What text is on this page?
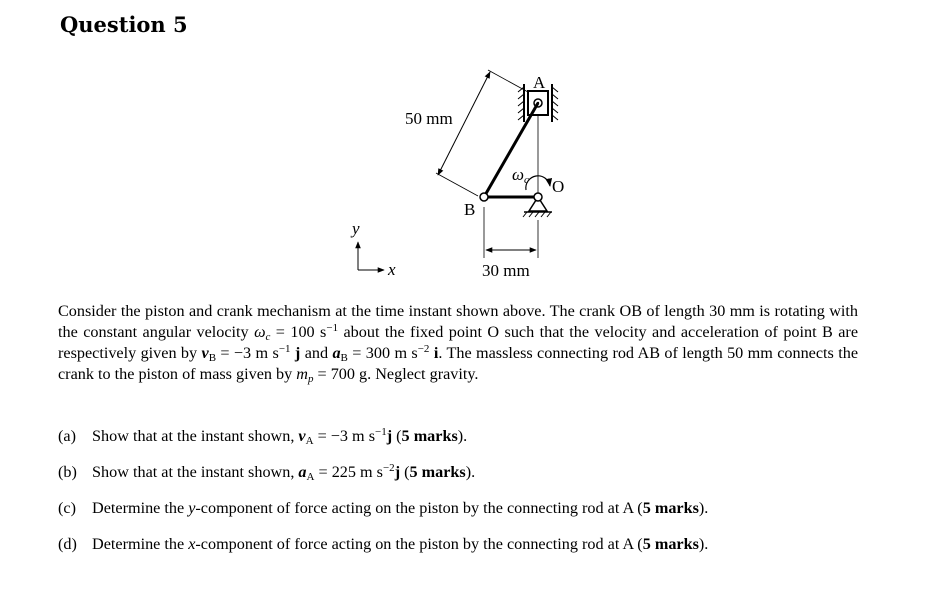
Question 5
50 mm
A
B
O
ωc
30 mm
y
x

Consider the piston and crank mechanism at the time instant shown above. The crank OB of length 30 mm is rotating with the constant angular velocity $\omega_c = 100$ $s^{-1}$ about the fixed point O such that the velocity and acceleration of point B are respectively given by $v_B = -3$ m $s^{-1}$ j and $a_B = 300$ m $s^{-2}$ i. The massless connecting rod AB of length 50 mm connects the crank to the piston of mass given by $m_p = 700$ g. Neglect gravity.

(a) Show that at the instant shown, $v_A = -3$ m $s^{-1}j$ (5 marks).
(b) Show that at the instant shown, $a_A = 225$ m $s^{-2}j$ (5 marks).
(c) Determine the y-component of force acting on the piston by the connecting rod at A (5 marks).
(d) Determine the x-component of force acting on the piston by the connecting rod at A (5 marks).
